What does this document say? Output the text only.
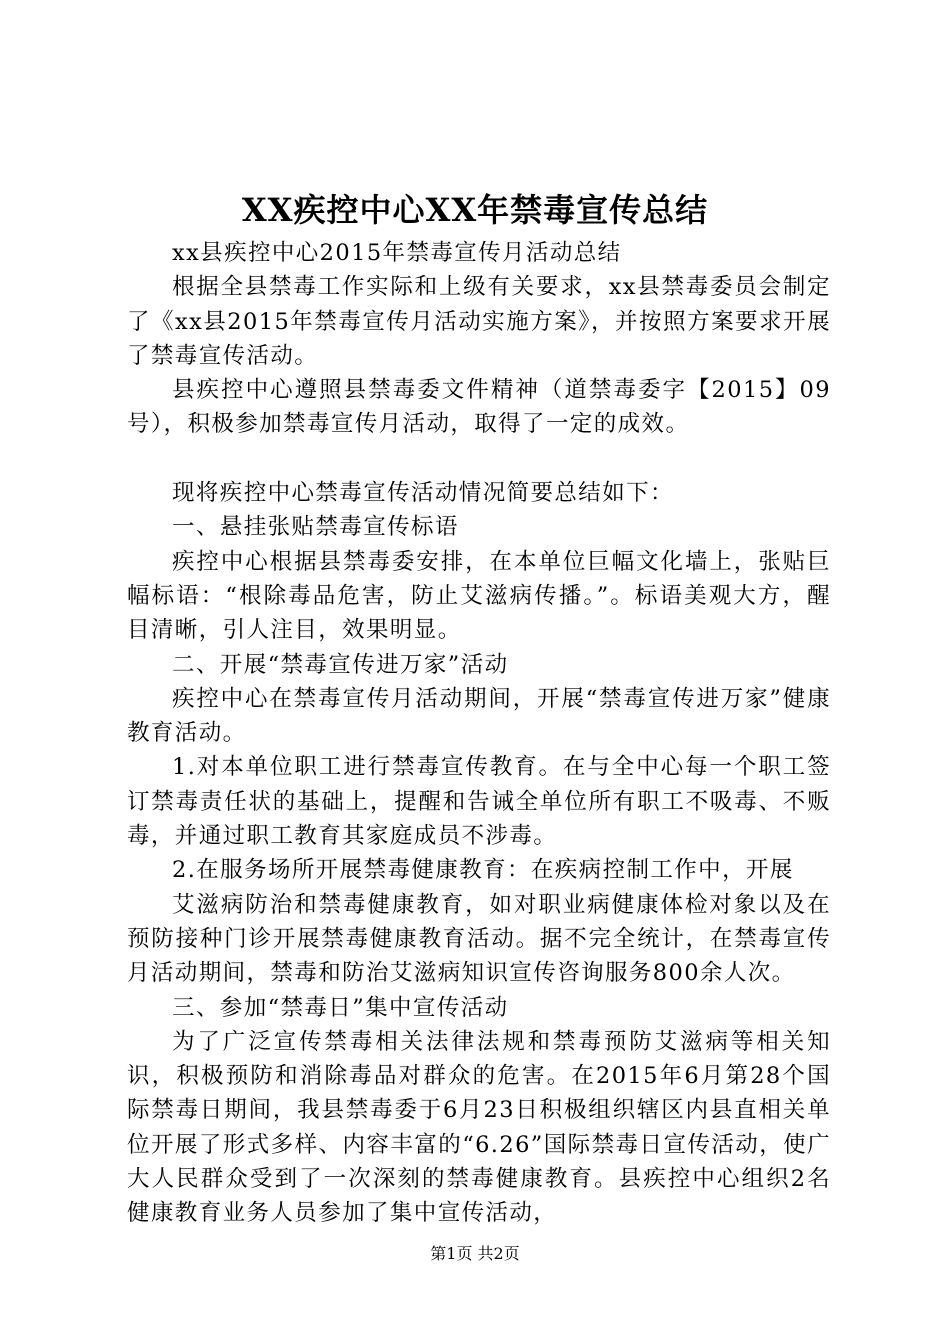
XX疾控中心XX年禁毒宣传总结

xx县疾控中心2015年禁毒宣传月活动总结

根据全县禁毒工作实际和上级有关要求，xx县禁毒委员会制定了《xx县2015年禁毒宣传月活动实施方案》，并按照方案要求开展了禁毒宣传活动。

县疾控中心遵照县禁毒委文件精神（道禁毒委字【2015】09号），积极参加禁毒宣传月活动，取得了一定的成效。

现将疾控中心禁毒宣传活动情况简要总结如下：

一、悬挂张贴禁毒宣传标语

疾控中心根据县禁毒委安排，在本单位巨幅文化墙上，张贴巨幅标语：“根除毒品危害，防止艾滋病传播。”。标语美观大方，醒目清晰，引人注目，效果明显。

二、开展“禁毒宣传进万家”活动

疾控中心在禁毒宣传月活动期间，开展“禁毒宣传进万家”健康教育活动。

1.对本单位职工进行禁毒宣传教育。在与全中心每一个职工签订禁毒责任状的基础上，提醒和告诫全单位所有职工不吸毒、不贩毒，并通过职工教育其家庭成员不涉毒。

2.在服务场所开展禁毒健康教育：在疾病控制工作中，开展

艾滋病防治和禁毒健康教育，如对职业病健康体检对象以及在预防接种门诊开展禁毒健康教育活动。据不完全统计，在禁毒宣传月活动期间，禁毒和防治艾滋病知识宣传咨询服务800余人次。

三、参加“禁毒日”集中宣传活动

为了广泛宣传禁毒相关法律法规和禁毒预防艾滋病等相关知识，积极预防和消除毒品对群众的危害。在2015年6月第28个国际禁毒日期间，我县禁毒委于6月23日积极组织辖区内县直相关单位开展了形式多样、内容丰富的“6.26”国际禁毒日宣传活动，使广大人民群众受到了一次深刻的禁毒健康教育。县疾控中心组织2名健康教育业务人员参加了集中宣传活动，

第1页 共2页
